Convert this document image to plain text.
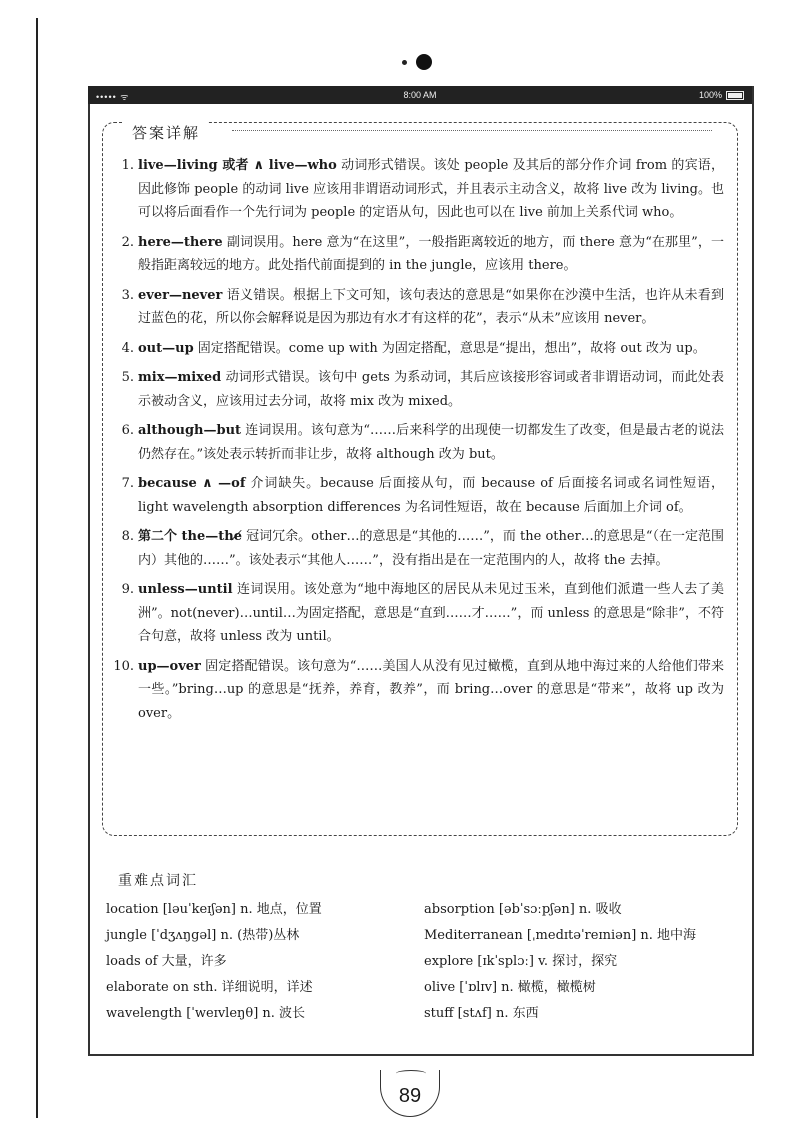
••••• ᯤ	8:00 AM	100%
答案详解
1. live—living 或者 ∧ live—who 动词形式错误。该处 people 及其后的部分作介词 from 的宾语，因此修饰 people 的动词 live 应该用非谓语动词形式，并且表示主动含义，故将 live 改为 living。也可以将后面看作一个先行词为 people 的定语从句，因此也可以在 live 前加上关系代词 who。
2. here—there 副词误用。here 意为“在这里”，一般指距离较近的地方，而 there 意为“在那里”，一般指距离较远的地方。此处指代前面提到的 in the jungle，应该用 there。
3. ever—never 语义错误。根据上下文可知，该句表达的意思是“如果你在沙漠中生活，也许从未看到过蓝色的花，所以你会解释说是因为那边有水才有这样的花”，表示“从未”应该用 never。
4. out—up 固定搭配错误。come up with 为固定搭配，意思是“提出，想出”，故将 out 改为 up。
5. mix—mixed 动词形式错误。该句中 gets 为系动词，其后应该接形容词或者非谓语动词，而此处表示被动含义，应该用过去分词，故将 mix 改为 mixed。
6. although—but 连词误用。该句意为“……后来科学的出现使一切都发生了改变，但是最古老的说法仍然存在。”该处表示转折而非让步，故将 although 改为 but。
7. because ∧ —of 介词缺失。because 后面接从句，而 because of 后面接名词或名词性短语，light wavelength absorption differences 为名词性短语，故在 because 后面加上介词 of。
8. 第二个 the—the̸ 冠词冗余。other…的意思是“其他的……”，而 the other…的意思是“（在一定范围内）其他的……”。该处表示“其他人……”，没有指出是在一定范围内的人，故将 the 去掉。
9. unless—until 连词误用。该处意为“地中海地区的居民从未见过玉米，直到他们派遣一些人去了美洲”。not(never)…until…为固定搭配，意思是“直到……才……”，而 unless 的意思是“除非”，不符合句意，故将 unless 改为 until。
10. up—over 固定搭配错误。该句意为“……美国人从没有见过橄榄，直到从地中海过来的人给他们带来一些。”bring…up 的意思是“抚养，养育，教养”，而 bring…over 的意思是“带来”，故将 up 改为 over。
重难点词汇
location [ləuˈkeɪʃən] n. 地点，位置	absorption [əbˈsɔːpʃən] n. 吸收
jungle [ˈdʒʌŋgəl] n. (热带)丛林	Mediterranean [ˌmedɪtəˈreɪniən] n. 地中海
loads of 大量，许多	explore [ɪkˈsplɔː] v. 探讨，探究
elaborate on sth. 详细说明，详述	olive [ˈɒlɪv] n. 橄榄，橄榄树
wavelength [ˈweɪvleŋθ] n. 波长	stuff [stʌf] n. 东西
89
